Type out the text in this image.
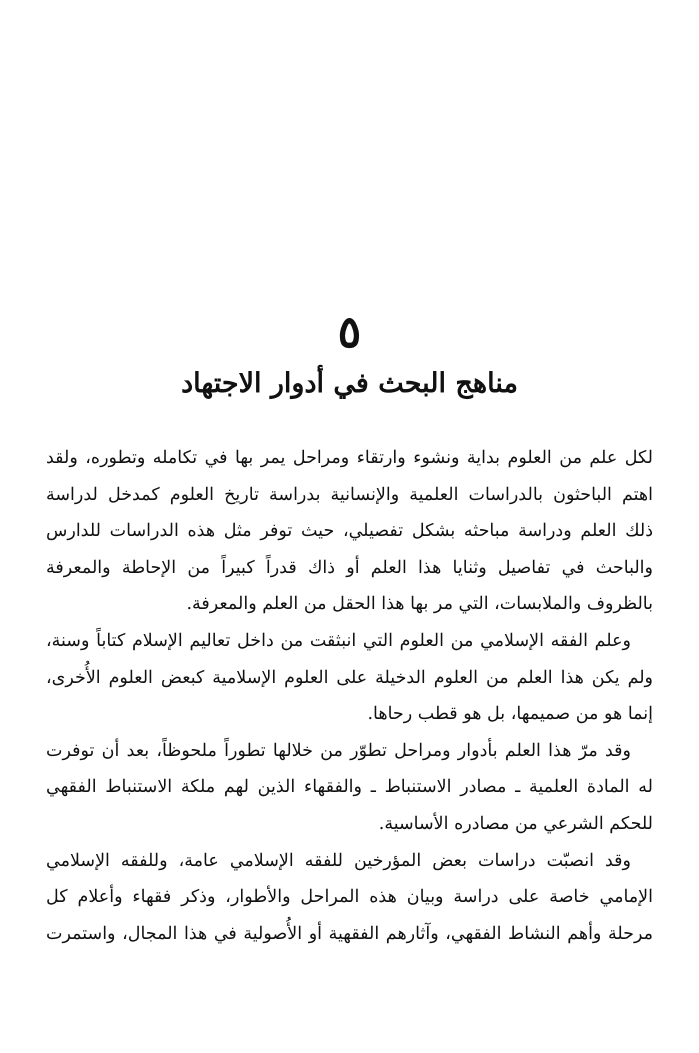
٥
مناهج البحث في أدوار الاجتهاد
لكل علم من العلوم بداية ونشوء وارتقاء ومراحل يمر بها في تكامله وتطوره، ولقد
اهتم الباحثون بالدراسات العلمية والإنسانية بدراسة تاريخ العلوم كمدخل لدراسة
ذلك العلم ودراسة مباحثه بشكل تفصيلي، حيث توفر مثل هذه الدراسات للدارس
والباحث في تفاصيل وثنايا هذا العلم أو ذاك قدراً كبيراً من الإحاطة والمعرفة
بالظروف والملابسات، التي مر بها هذا الحقل من العلم والمعرفة.
وعلم الفقه الإسلامي من العلوم التي انبثقت من داخل تعاليم الإسلام كتاباً وسنة،
ولم يكن هذا العلم من العلوم الدخيلة على العلوم الإسلامية كبعض العلوم الأُخرى،
إنما هو من صميمها، بل هو قطب رحاها.
وقد مرّ هذا العلم بأدوار ومراحل تطوّر من خلالها تطوراً ملحوظاً، بعد أن توفرت
له المادة العلمية ـ مصادر الاستنباط ـ والفقهاء الذين لهم ملكة الاستنباط الفقهي
للحكم الشرعي من مصادره الأساسية.
وقد انصبّت دراسات بعض المؤرخين للفقه الإسلامي عامة، وللفقه الإسلامي
الإمامي خاصة على دراسة وبيان هذه المراحل والأطوار، وذكر فقهاء وأعلام كل
مرحلة وأهم النشاط الفقهي، وآثارهم الفقهية أو الأُصولية في هذا المجال، واستمرت
